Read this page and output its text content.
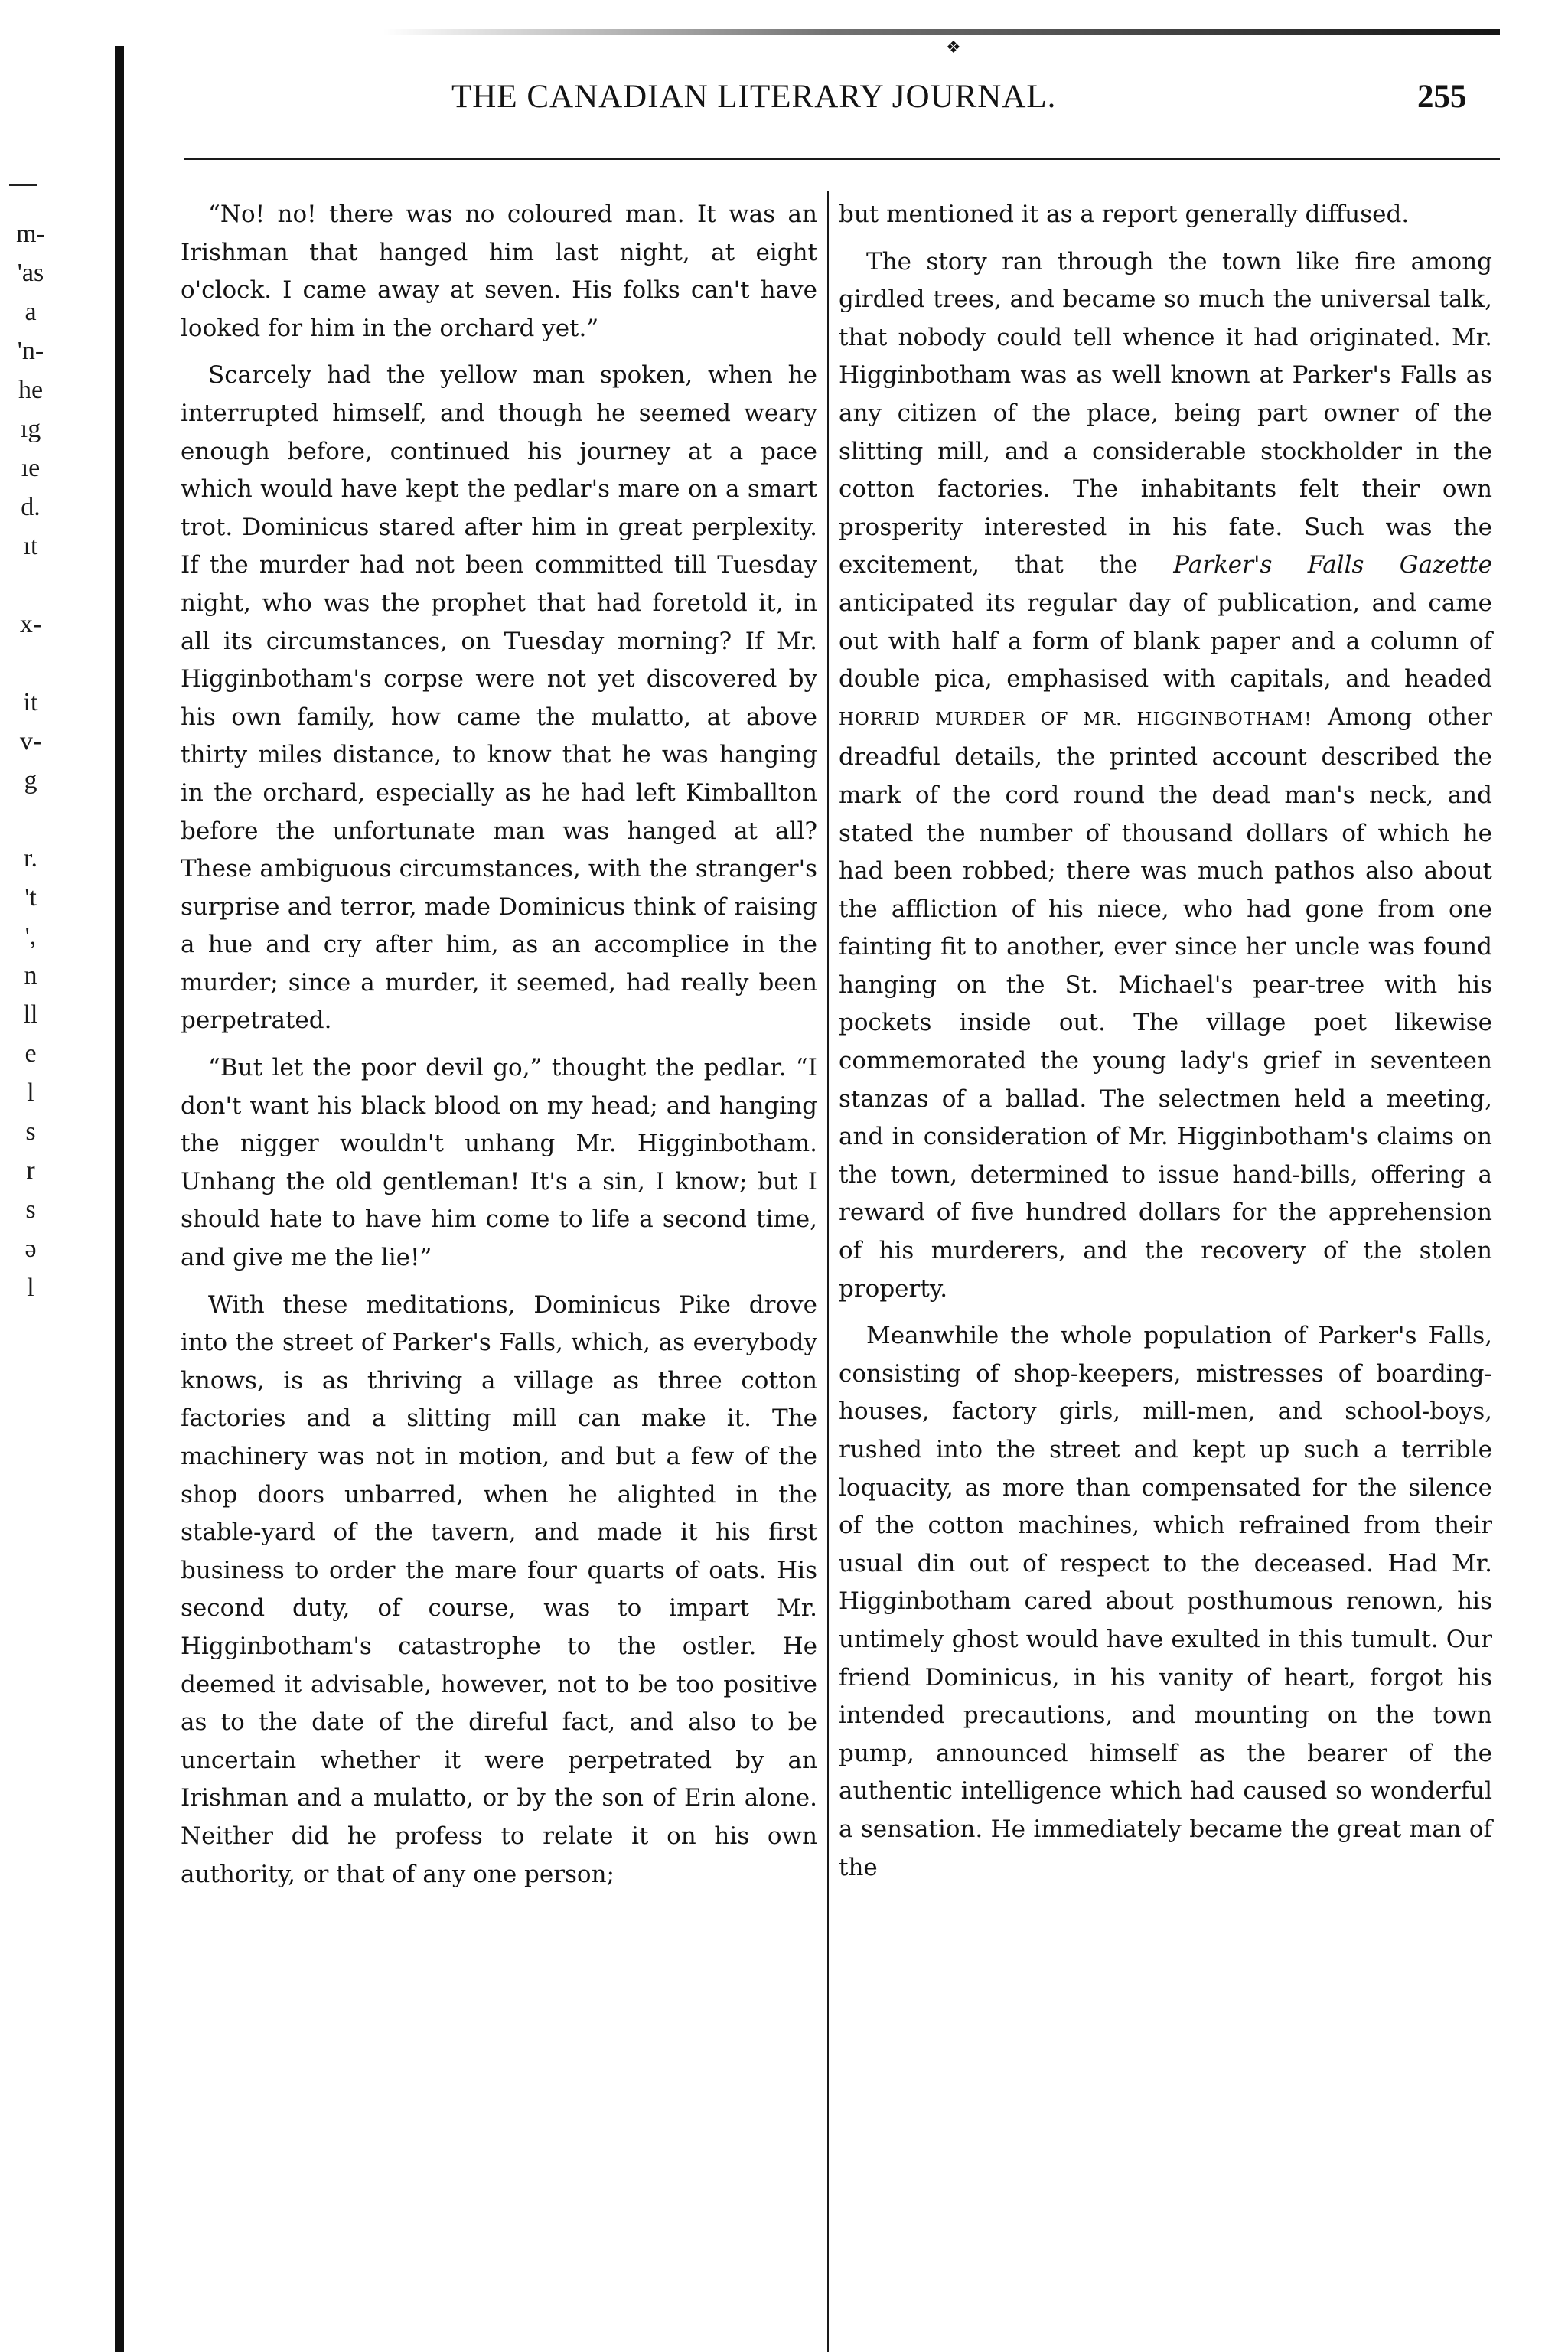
m-
'as
a
'n-
he
ıg
ıe
d.
ıt
x-
it
v-
g
r.
't
',
n
ll
e
l
s
r
s
ə
l
❖
THE CANADIAN LITERARY JOURNAL.	255

“No! no! there was no coloured man. It was an Irishman that hanged him last night, at eight o'clock. I came away at seven. His folks can't have looked for him in the orchard yet.”

Scarcely had the yellow man spoken, when he interrupted himself, and though he seemed weary enough before, continued his journey at a pace which would have kept the pedlar's mare on a smart trot. Dominicus stared after him in great perplexity. If the murder had not been committed till Tuesday night, who was the prophet that had foretold it, in all its circumstances, on Tuesday morning? If Mr. Higginbotham's corpse were not yet discovered by his own family, how came the mulatto, at above thirty miles distance, to know that he was hanging in the orchard, especially as he had left Kimballton before the unfortunate man was hanged at all? These ambiguous circumstances, with the stranger's surprise and terror, made Dominicus think of raising a hue and cry after him, as an accomplice in the murder; since a murder, it seemed, had really been perpetrated.

“But let the poor devil go,” thought the pedlar. “I don't want his black blood on my head; and hanging the nigger wouldn't unhang Mr. Higginbotham. Unhang the old gentleman! It's a sin, I know; but I should hate to have him come to life a second time, and give me the lie!”

With these meditations, Dominicus Pike drove into the street of Parker's Falls, which, as everybody knows, is as thriving a village as three cotton factories and a slitting mill can make it. The machinery was not in motion, and but a few of the shop doors unbarred, when he alighted in the stable-yard of the tavern, and made it his first business to order the mare four quarts of oats. His second duty, of course, was to impart Mr. Higginbotham's catastrophe to the ostler. He deemed it advisable, however, not to be too positive as to the date of the direful fact, and also to be uncertain whether it were perpetrated by an Irishman and a mulatto, or by the son of Erin alone. Neither did he profess to relate it on his own authority, or that of any one person;

but mentioned it as a report generally diffused.

The story ran through the town like fire among girdled trees, and became so much the universal talk, that nobody could tell whence it had originated. Mr. Higginbotham was as well known at Parker's Falls as any citizen of the place, being part owner of the slitting mill, and a considerable stockholder in the cotton factories. The inhabitants felt their own prosperity interested in his fate. Such was the excitement, that the Parker's Falls Gazette anticipated its regular day of publication, and came out with half a form of blank paper and a column of double pica, emphasised with capitals, and headed HORRID MURDER OF MR. HIGGINBOTHAM! Among other dreadful details, the printed account described the mark of the cord round the dead man's neck, and stated the number of thousand dollars of which he had been robbed; there was much pathos also about the affliction of his niece, who had gone from one fainting fit to another, ever since her uncle was found hanging on the St. Michael's pear-tree with his pockets inside out. The village poet likewise commemorated the young lady's grief in seventeen stanzas of a ballad. The selectmen held a meeting, and in consideration of Mr. Higginbotham's claims on the town, determined to issue hand-bills, offering a reward of five hundred dollars for the apprehension of his murderers, and the recovery of the stolen property.

Meanwhile the whole population of Parker's Falls, consisting of shop-keepers, mistresses of boarding-houses, factory girls, mill-men, and school-boys, rushed into the street and kept up such a terrible loquacity, as more than compensated for the silence of the cotton machines, which refrained from their usual din out of respect to the deceased. Had Mr. Higginbotham cared about posthumous renown, his untimely ghost would have exulted in this tumult. Our friend Dominicus, in his vanity of heart, forgot his intended precautions, and mounting on the town pump, announced himself as the bearer of the authentic intelligence which had caused so wonderful a sensation. He immediately became the great man of the
